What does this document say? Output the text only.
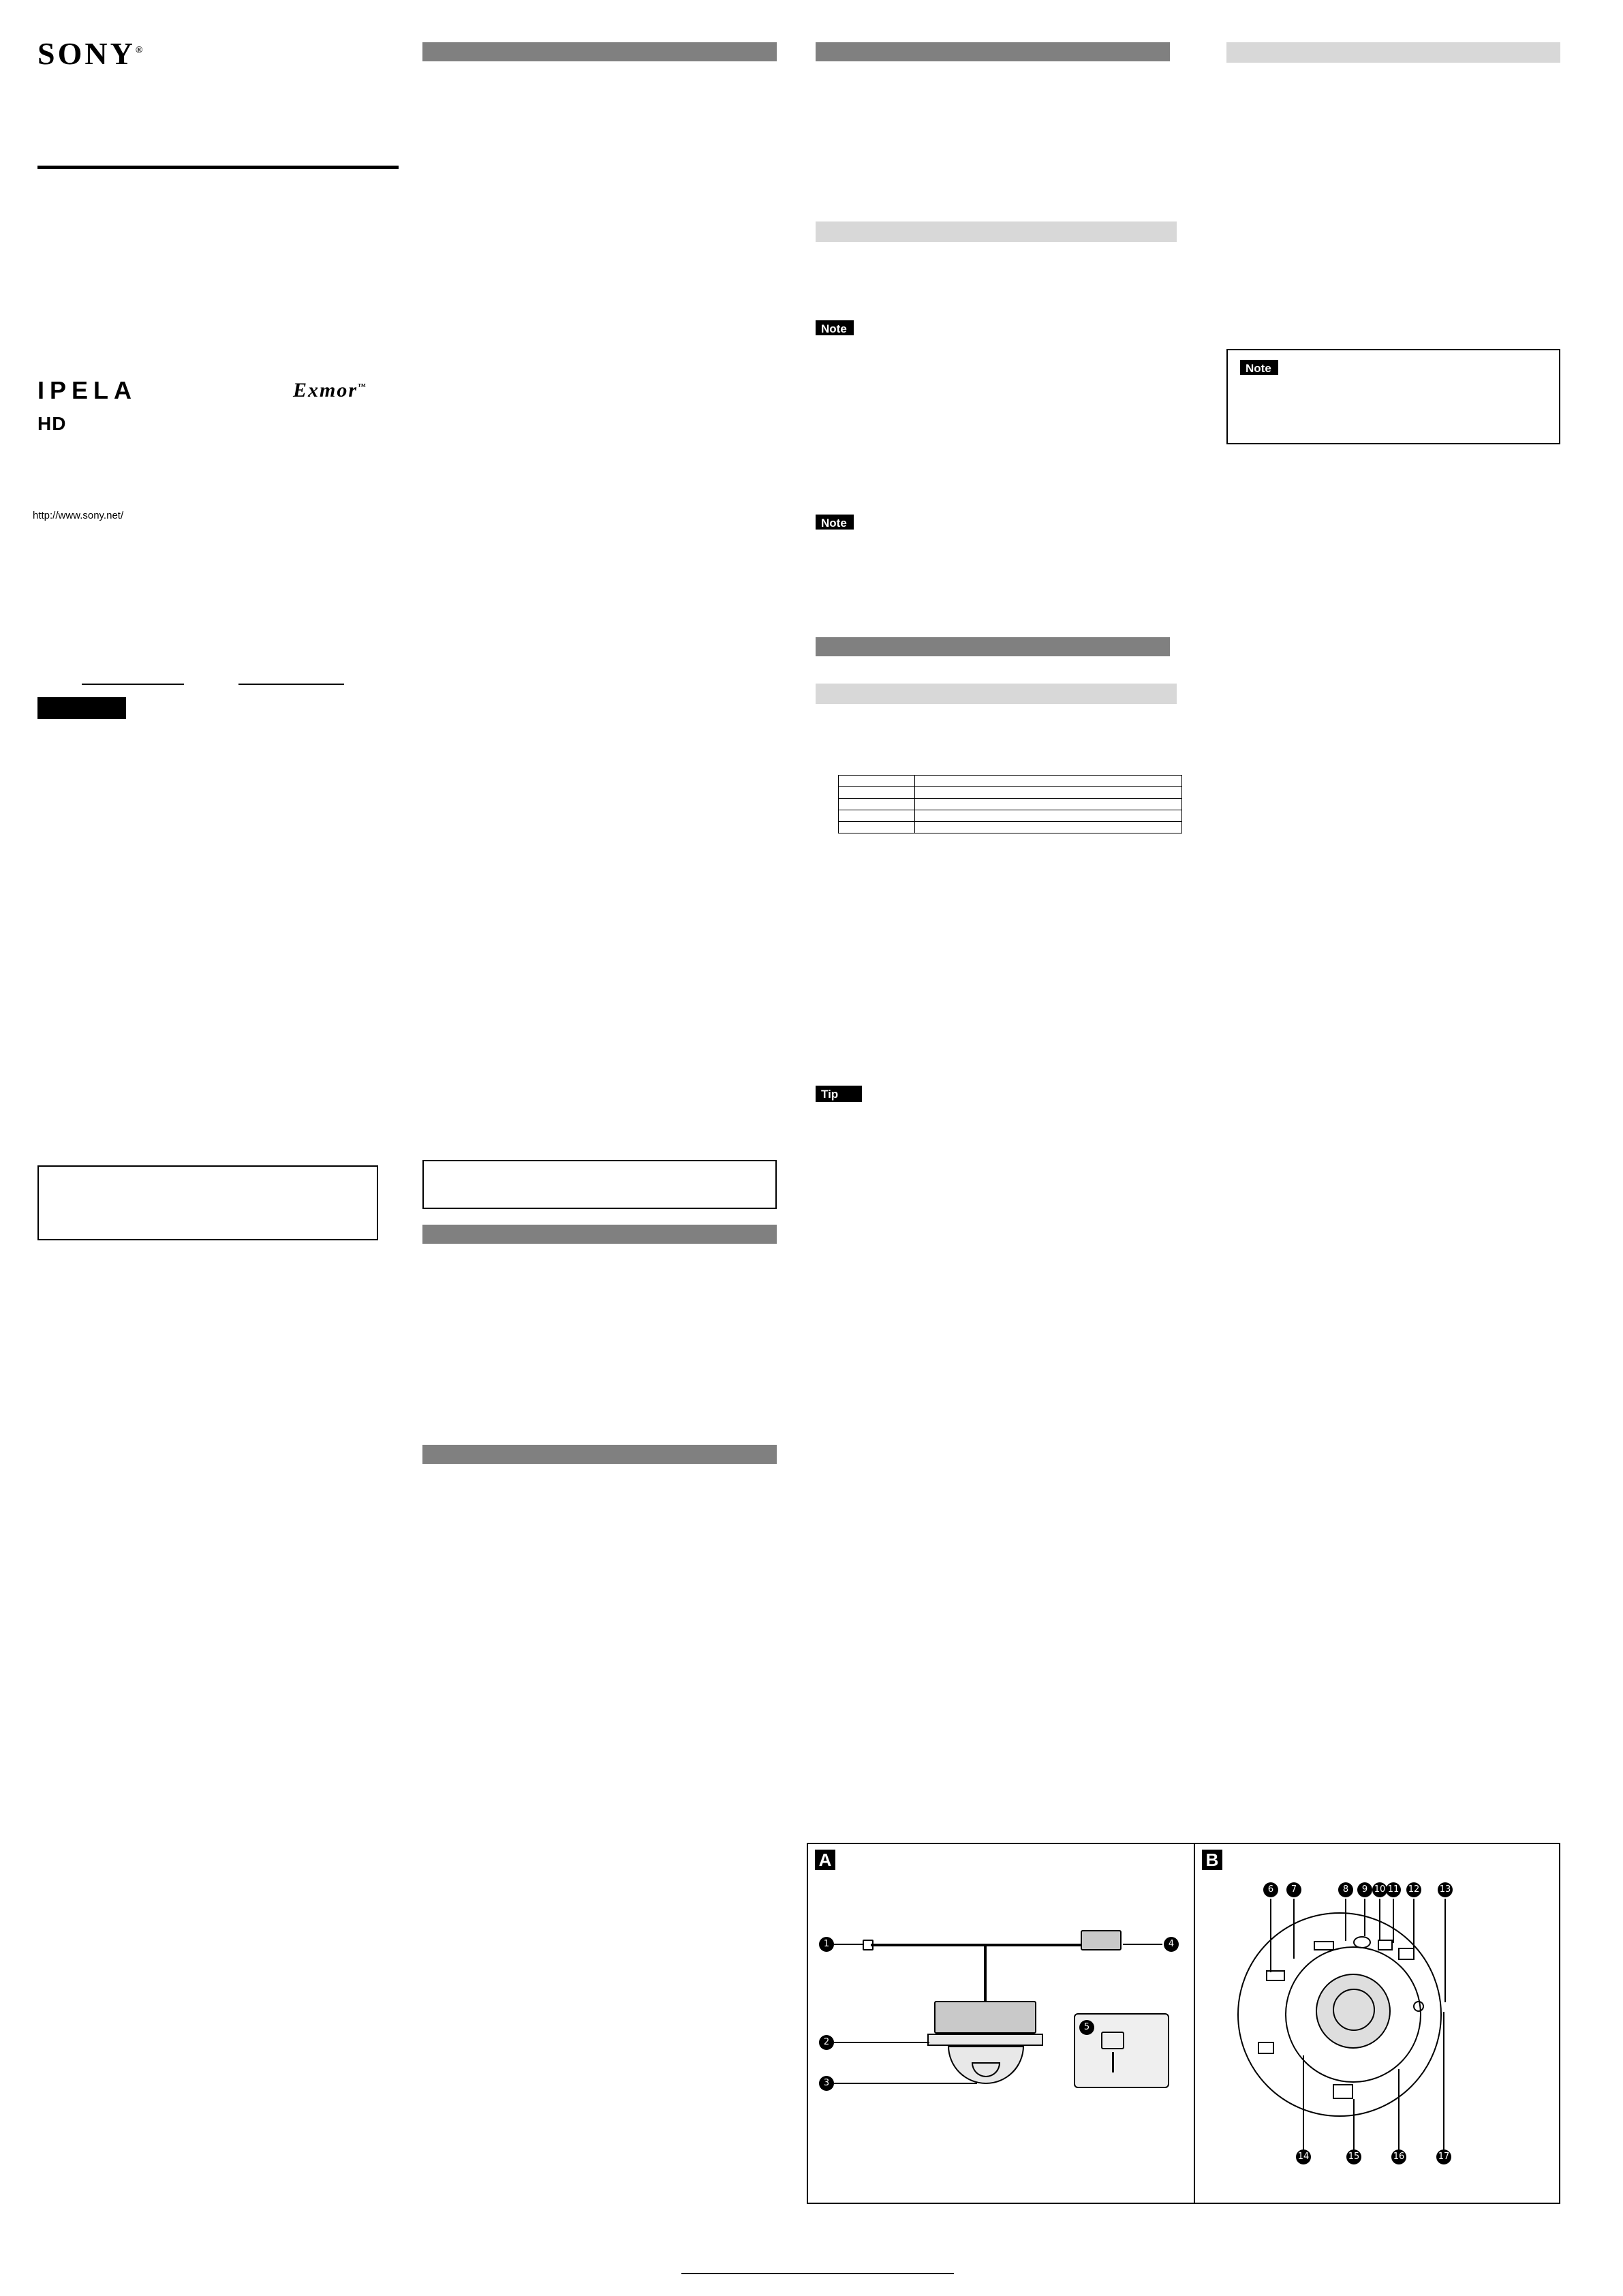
SONY®
IPELA
HD
Exmor™
http://www.sony.net/
Notice
Note
Note

Tip
Note
A	B
1
2
3
4
5
6	7	8	9 10 11 12 13
14	15	16	17
